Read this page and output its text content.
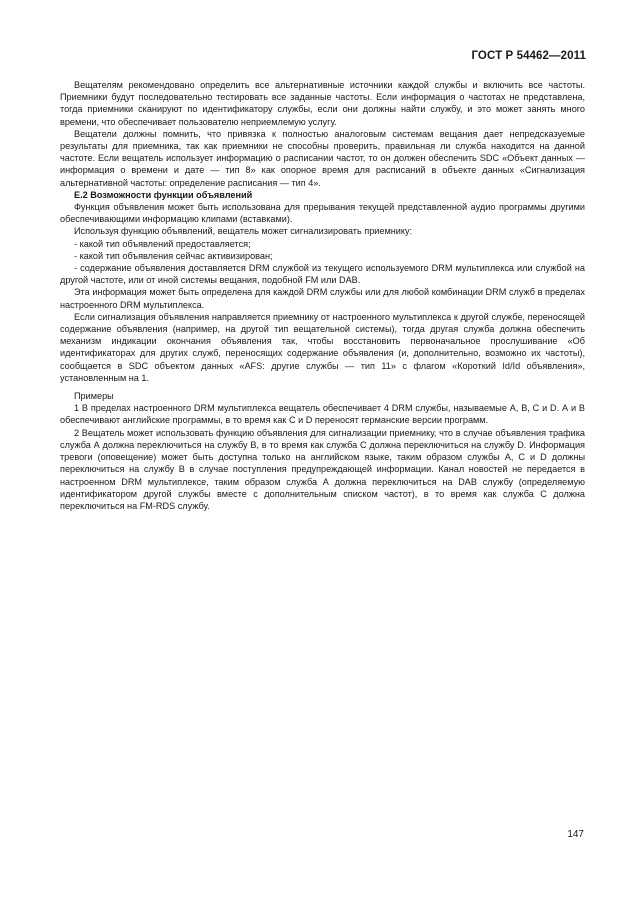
ГОСТ Р 54462—2011

Вещателям рекомендовано определить все альтернативные источники каждой службы и включить все частоты. Приемники будут последовательно тестировать все заданные частоты. Если информация о частотах не представлена, тогда приемники сканируют по идентификатору службы, если они должны найти службу, и это может занять много времени, что обеспечивает пользователю неприемлемую услугу.

Вещатели должны помнить, что привязка к полностью аналоговым системам вещания дает непредсказуемые результаты для приемника, так как приемники не способны проверить, правильная ли служба находится на данной частоте. Если вещатель использует информацию о расписании частот, то он должен обеспечить SDC «Объект данных — информация о времени и дате — тип 8» как опорное время для расписаний в объекте данных «Сигнализация альтернативной частоты: определение расписания — тип 4».

E.2 Возможности функции объявлений

Функция объявления может быть использована для прерывания текущей представленной аудио программы другими обеспечивающими информацию клипами (вставками).

Используя функцию объявлений, вещатель может сигнализировать приемнику:

- какой тип объявлений предоставляется;

- какой тип объявления сейчас активизирован;

- содержание объявления доставляется DRM службой из текущего используемого DRM мультиплекса или службой на другой частоте, или от иной системы вещания, подобной FM или DAB.

Эта информация может быть определена для каждой DRM службы или для любой комбинации DRM служб в пределах настроенного DRM мультиплекса.

Если сигнализация объявления направляется приемнику от настроенного мультиплекса к другой службе, переносящей содержание объявления (например, на другой тип вещательной системы), тогда другая служба должна обеспечить механизм индикации окончания объявления так, чтобы восстановить первоначальное прослушивание «Об идентификаторах для других служб, переносящих содержание объявления (и, дополнительно, возможно их частоты), сообщается в SDC объектом данных «AFS: другие службы — тип 11» с флагом «Короткий Id/Id объявления», установленным на 1.

Примеры

1 В пределах настроенного DRM мультиплекса вещатель обеспечивает 4 DRM службы, называемые А, В, С и D. А и В обеспечивают английские программы, в то время как С и D переносят германские версии программ.

2 Вещатель может использовать функцию объявления для сигнализации приемнику, что в случае объявления трафика служба А должна переключиться на службу В, в то время как служба С должна переключиться на службу D. Информация тревоги (оповещение) может быть доступна только на английском языке, таким образом службы А, С и D должны переключиться на службу В в случае поступления предупреждающей информации. Канал новостей не передается в настроенном DRM мультиплексе, таким образом служба А должна переключиться на DAB службу (определяемую идентификатором другой службы вместе с дополнительным списком частот), в то время как служба С должна переключиться на FM-RDS службу.

147
